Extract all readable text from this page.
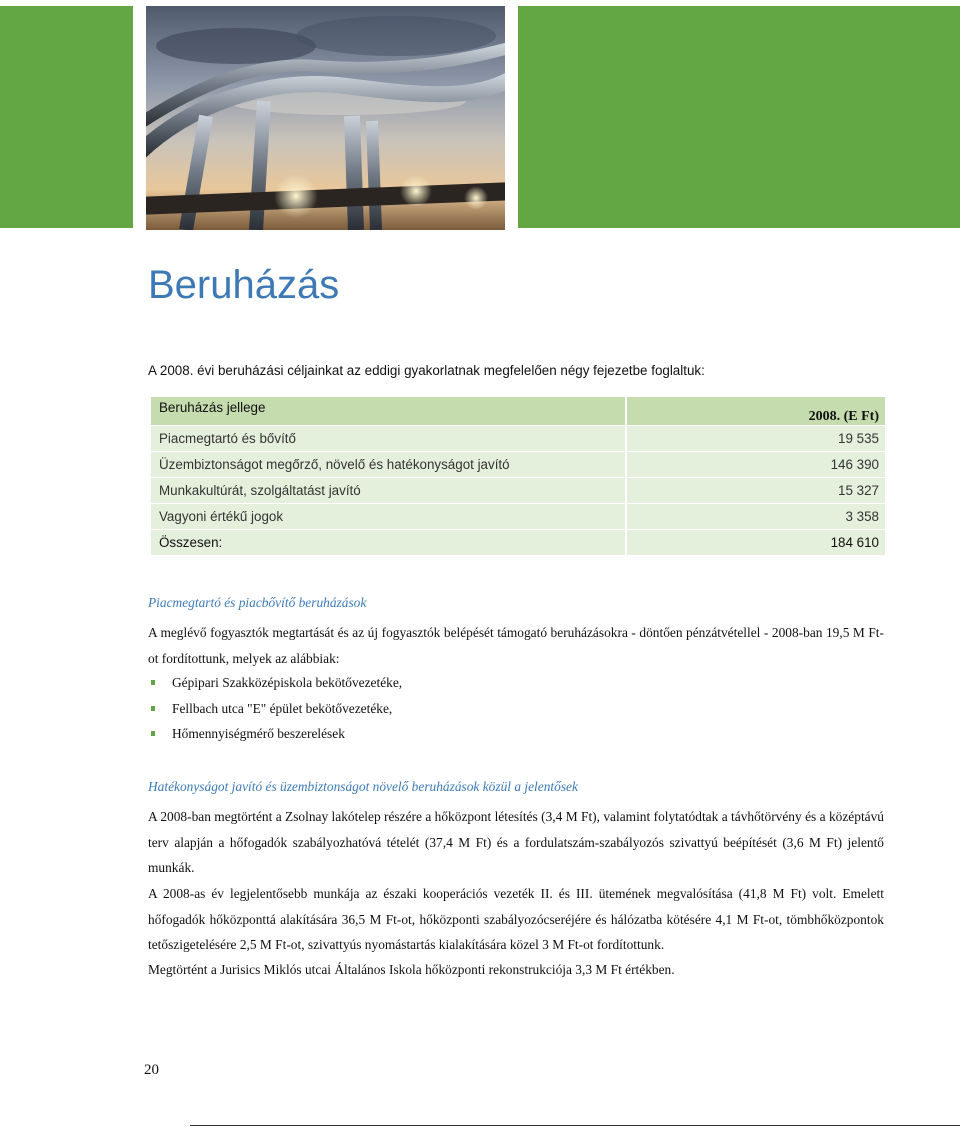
Beruházás

A 2008. évi beruházási céljainkat az eddigi gyakorlatnak megfelelően négy fejezetbe foglaltuk:

Beruházás jellege	2008. (E Ft)
Piacmegtartó és bővítő	19 535
Üzembiztonságot megőrző, növelő és hatékonyságot javító	146 390
Munkakultúrát, szolgáltatást javító	15 327
Vagyoni értékű jogok	3 358
Összesen:	184 610

Piacmegtartó és piacbővítő beruházások

A meglévő fogyasztók megtartását és az új fogyasztók belépését támogató beruházásokra - döntően pénzátvétellel - 2008-ban 19,5 M Ft-ot fordítottunk, melyek az alábbiak:

Gépipari Szakközépiskola bekötővezetéke,
Fellbach utca "E" épület bekötővezetéke,
Hőmennyiségmérő beszerelések

Hatékonyságot javító és üzembiztonságot növelő beruházások közül a jelentősek

A 2008-ban megtörtént a Zsolnay lakótelep részére a hőközpont létesítés (3,4 M Ft), valamint folytatódtak a távhőtörvény és a középtávú terv alapján a hőfogadók szabályozhatóvá tételét (37,4 M Ft) és a fordulatszám-szabályozós szivattyú beépítését (3,6 M Ft) jelentő munkák.

A 2008-as év legjelentősebb munkája az északi kooperációs vezeték II. és III. ütemének megvalósítása (41,8 M Ft) volt. Emelett hőfogadók hőközponttá alakítására 36,5 M Ft-ot, hőközponti szabályozócseréjére és hálózatba kötésére 4,1 M Ft-ot, tömbhőközpontok tetőszigetelésére 2,5 M Ft-ot, szivattyús nyomástartás kialakítására közel 3 M Ft-ot fordítottunk.

Megtörtént a Jurisics Miklós utcai Általános Iskola hőközponti rekonstrukciója 3,3 M Ft értékben.

20
